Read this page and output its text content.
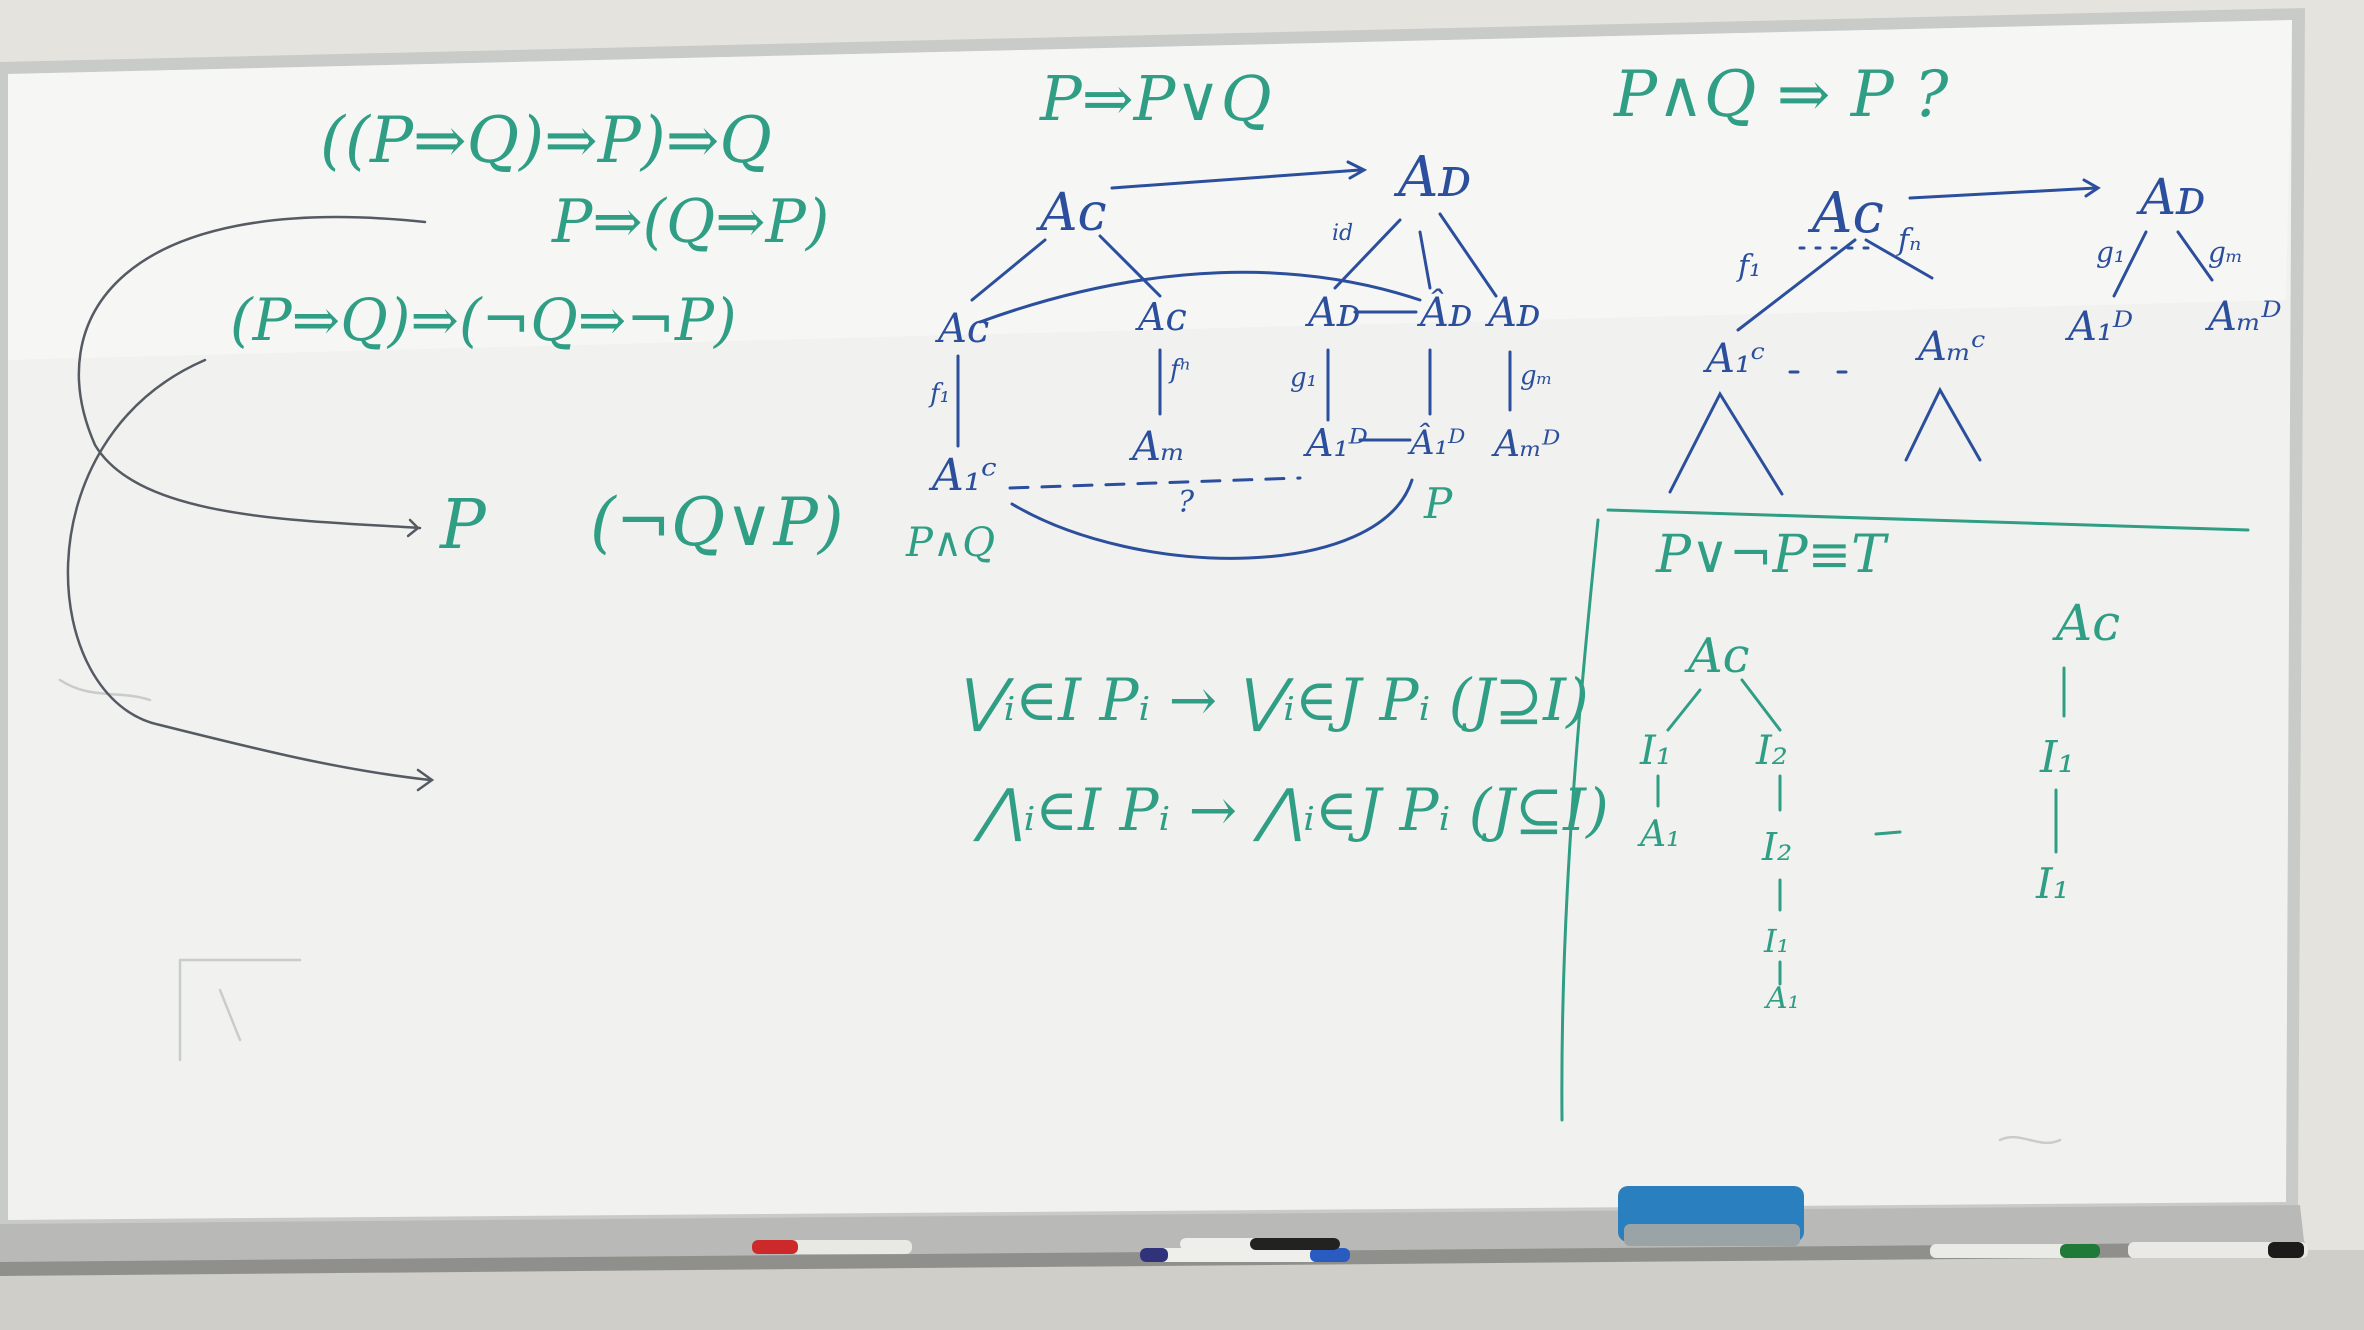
((P⇒Q)⇒P)⇒Q
P⇒(Q⇒P)
(P⇒Q)⇒(¬Q⇒¬P)
P (¬Q∨P)
P⇒P∨Q
Aᴄ
Aᴅ
id
Aᴄ	Aᴄ	Aᴅ Âᴅ Aᴅ
f₁
fⁿ	g₁	gₘ
A₁ᶜ
Aₘ	A₁ᴰ Â₁ᴰ Aₘᴰ
?	P
P∧Q
⋁ᵢ∈I Pᵢ → ⋁ᵢ∈J Pᵢ (J⊇I)
⋀ᵢ∈I Pᵢ → ⋀ᵢ∈J Pᵢ (J⊆I)
P∧Q ⇒ P ?
Aᴄ	Aᴅ
f₁
fₙ
A₁ᶜ	Aₘᶜ
g₁	gₘ
A₁ᴰ Aₘᴰ
P∨¬P≡T
Aᴄ
I₁ I₂
A₁ I₂
I₁
A₁
Aᴄ
I₁
I₁
